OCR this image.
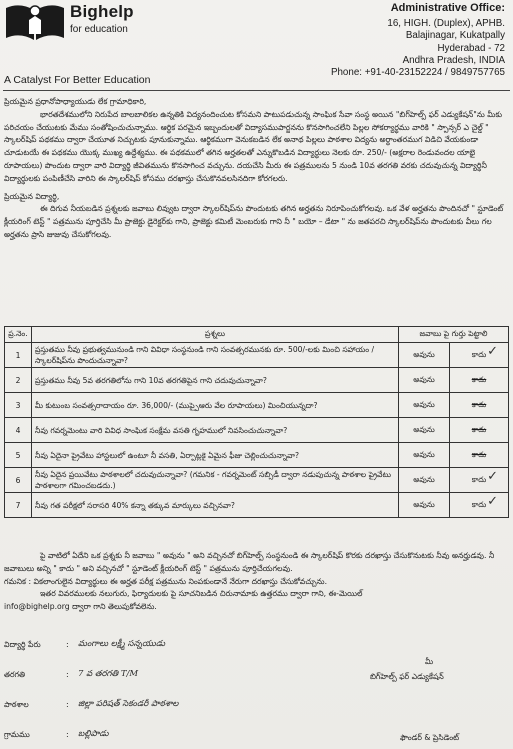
Bighelp
for education
A Catalyst For Better Education
Administrative Office:
16, HIGH. (Duplex), APHB.
Balajinagar, Kukatpally
Hyderabad - 72
Andhra Pradesh, INDIA
Phone: +91-40-23152224 / 9849757765

ప్రియమైన ప్రధానోపాధ్యాయుడు లేక గ్రామాధికారి,

భారతదేశములోని నిరుపేద బాలబాలికల ఉన్నతికి విద్యనందించుట కోసమని పాటుపడుచున్న సాంఘిక సేవా సంస్థ అయిన "బిగ్‌హెల్ప్ ఫర్ ఎడ్యుకేషన్"ను మీకు పరిచయం చేయుటకు మేము సంతోషించుచున్నాము. ఆర్థిక పరమైన ఇబ్బందులతో విద్యాసముపార్జనను కొనసాగించలేని పిల్లల సోకర్యార్థము వారికి " స్పాన్సర్ ఎ చైల్డ్ " స్కాలర్‌షిప్ పథకము ద్వారా చేయూత నిచ్చుటకు పూనుకున్నాము. ఆర్థికముగా వెనుకబడిన లేక అనాథ పిల్లలు పాఠశాల విద్యను అర్థాంతరముగ విడిచి వేయకుండా చూడుటయే ఈ పథకము యొక్క ముఖ్య ఉద్దేశ్యము. ఈ పథకములో తగిన అర్హతలతో ఎన్నుకొబడిన విద్యార్థులు నెలకు రూ. 250/- (అక్షరాల రెండువందల యాభై రూపాయలు) పొందుట ద్వారా వారి విద్యార్థి జీవితమును కొనసాగించ వచ్చును. దయచేసి మీరు ఈ పత్రములను 5 నుండి 10వ తరగతి వరకు చదువుచున్న విద్యార్థినీ విద్యార్థులకు పంపిణీచేసి వారిని ఈ స్కాలర్‌షిప్ కోసము దరఖాస్తు చేసుకొనవలసినదిగా కోరగలరు.

ప్రియమైన విద్యార్థి,

ఈ దిగువ నీయబడిన ప్రశ్నలకు జవాబు లివ్వుట ద్వారా స్కాలర్‌షిప్‌ను పొందుటకు తగిన అర్హతను నిరూపించుకోగలవు. ఒక వేళ అర్హతను పొందినచో " స్టూడెంట్ క్లీయరింగ్ టెస్ట్ " పత్రమును పూర్తిచేసి మీ ప్రాజెక్టు డైరెక్టర్‌కు గాని, ప్రాజెక్టు కమిటీ మెంబరుకు గాని నీ " బయో – డేటా " ను జతపరచి స్కాలర్‌షిప్‌ను పొందుటకు వీలు గల అర్హతను ప్రాసి జుజువు చేసుకోగలవు.

ప్ర.నెం.	ప్రశ్నలు	జవాబు పై గుర్తు పెట్టాలి	
1	ప్రస్తుతము నీవు ప్రభుత్వమునుండి గాని వివిధా సంస్థనుండి గాని సంవత్సరమునకు రూ. 500/-లకు మించి సహాయం / స్కాలర్‌షిప్‌ను పొందుచున్నావా?	అవును	కాదు ✓

2	ప్రస్తుతము నీవు 5వ తరగతిలోను గాని 10వ తరగతిపైన గాని చదువుచున్నావా?	అవును	కాదు
3	మీ కుటుంబ సంవత్సరాదాయం రూ. 36,000/- (ముప్పైఆరు వేల రూపాయలు) మించియున్నదా?	అవును	కాదు
4	నీవు గవర్నమెంటు వారి వివిధ సాంఘిక సంక్షేమ వసతి గృహములో నివసించుచున్నావా?	అవును	కాదు
5	నీవు ఏదైనా ప్రైవేటు హాస్టలులో ఉంటూ నీ వసతి, ఏర్పాట్లకై ఏమైన ఫీజు చెల్లించుచున్నావా?	అవును	కాదు
6	నీవు ఏదైన ప్రయివేటు పాఠశాలలో చదువుచున్నావా? (గమనిక - గవర్నమెంట్ సబ్సిడీ ద్వారా నడుపుచున్న పాఠశాల ప్రైవేటు పాఠశాలగా గమించబడదు.)	అవును	కాదు ✓

7	నీవు గత పరీక్షలో సరాసరి 40% కన్నా తక్కువ మార్కులు వచ్చినవా?	అవును	కాదు ✓

పై వాటిలో ఏదేని ఒక ప్రశ్నకు నీ జవాబు " అవును " అని వచ్చినచో బిగ్‌హెల్ప్ సంస్థనుండి ఈ స్కాలర్‌షిప్ కొరకు దరఖాస్తు చేసుకొనుటకు నీవు అనర్హుడవు. నీ జవాబులు అన్ని " కాదు " అని వచ్చినచో " స్టూడెంట్ క్లీయరింగ్ టెస్ట్ " పత్రమును పూర్తిచేయగలవు.

గమనిక : వికలాంగులైన విద్యార్థులు ఈ అర్హత పరీక్ష పత్రమును నింపకుండానే నేరుగా దరఖాస్తు చేసుకోవచ్చును.

ఇతర వివరములకు నలుగురు, ఫిర్యాదులకు పై సూచనిబడిన చిరునామాకు ఉత్తరము ద్వారా గాని, ఈ-మెయిల్

info@bighelp.org ద్వారా గాని తెలుపుకోవలెను.

విద్యార్థి పేరు	: మంగాలు లక్ష్మీ సన్నయుడు
తరగతి	: 7 వ తరగతి T/M
పాఠశాల	: జిల్లా పరిషత్ సెకండరీ పాఠశాల
గ్రామము	: బల్లిపాడు
మీ
బిగ్‌హెల్ప్ ఫర్ ఎడ్యుకేషన్
ఫౌండర్ & ప్రెసిడెంట్
